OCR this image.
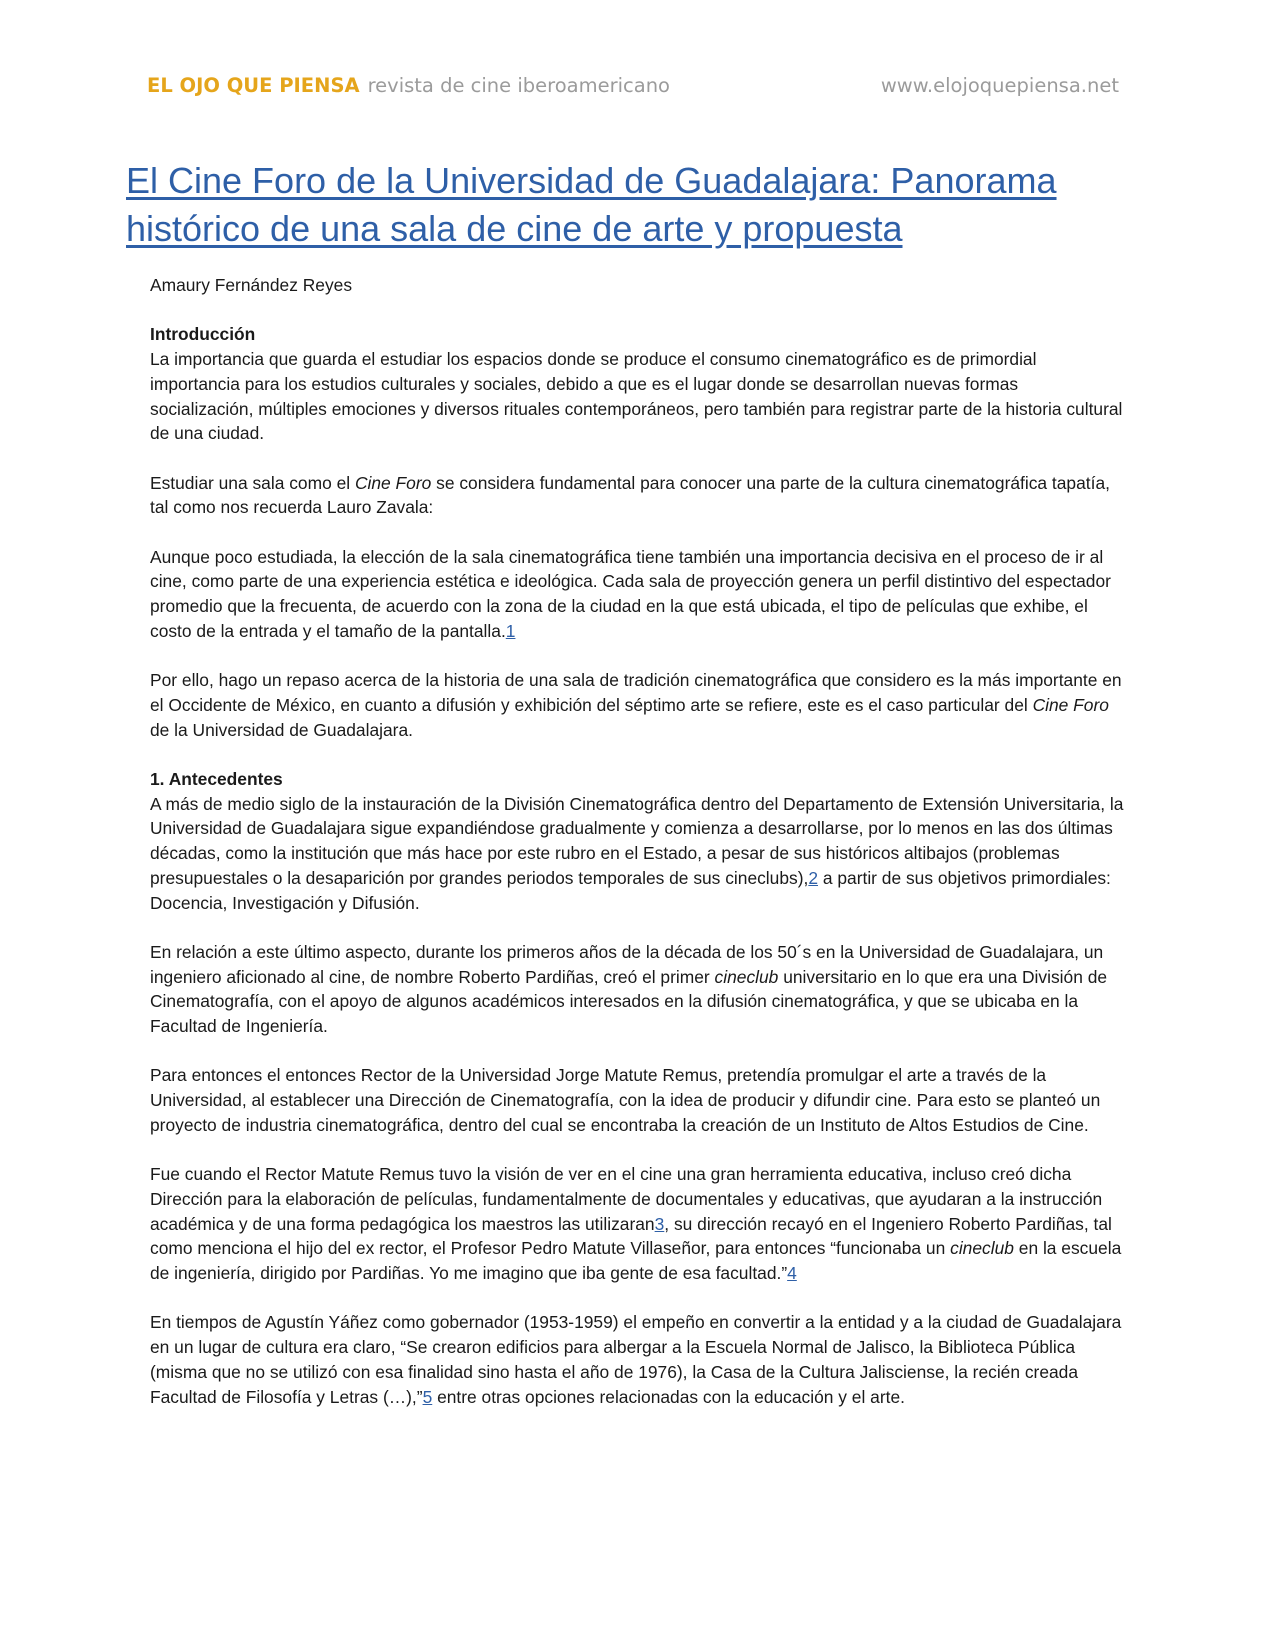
EL OJO QUE PIENSA revista de cine iberoamericano	www.elojoquepiensa.net
El Cine Foro de la Universidad de Guadalajara: Panorama histórico de una sala de cine de arte y propuesta

Amaury Fernández Reyes

Introducción

La importancia que guarda el estudiar los espacios donde se produce el consumo cinematográfico es de primordial importancia para los estudios culturales y sociales, debido a que es el lugar donde se desarrollan nuevas formas socialización, múltiples emociones y diversos rituales contemporáneos, pero también para registrar parte de la historia cultural de una ciudad.

Estudiar una sala como el Cine Foro se considera fundamental para conocer una parte de la cultura cinematográfica tapatía, tal como nos recuerda Lauro Zavala:

Aunque poco estudiada, la elección de la sala cinematográfica tiene también una importancia decisiva en el proceso de ir al cine, como parte de una experiencia estética e ideológica. Cada sala de proyección genera un perfil distintivo del espectador promedio que la frecuenta, de acuerdo con la zona de la ciudad en la que está ubicada, el tipo de películas que exhibe, el costo de la entrada y el tamaño de la pantalla.1

Por ello, hago un repaso acerca de la historia de una sala de tradición cinematográfica que considero es la más importante en el Occidente de México, en cuanto a difusión y exhibición del séptimo arte se refiere, este es el caso particular del Cine Foro de la Universidad de Guadalajara.

1. Antecedentes

A más de medio siglo de la instauración de la División Cinematográfica dentro del Departamento de Extensión Universitaria, la Universidad de Guadalajara sigue expandiéndose gradualmente y comienza a desarrollarse, por lo menos en las dos últimas décadas, como la institución que más hace por este rubro en el Estado, a pesar de sus históricos altibajos (problemas presupuestales o la desaparición por grandes periodos temporales de sus cineclubs),2 a partir de sus objetivos primordiales: Docencia, Investigación y Difusión.

En relación a este último aspecto, durante los primeros años de la década de los 50´s en la Universidad de Guadalajara, un ingeniero aficionado al cine, de nombre Roberto Pardiñas, creó el primer cineclub universitario en lo que era una División de Cinematografía, con el apoyo de algunos académicos interesados en la difusión cinematográfica, y que se ubicaba en la Facultad de Ingeniería.

Para entonces el entonces Rector de la Universidad Jorge Matute Remus, pretendía promulgar el arte a través de la Universidad, al establecer una Dirección de Cinematografía, con la idea de producir y difundir cine. Para esto se planteó un proyecto de industria cinematográfica, dentro del cual se encontraba la creación de un Instituto de Altos Estudios de Cine.

Fue cuando el Rector Matute Remus tuvo la visión de ver en el cine una gran herramienta educativa, incluso creó dicha Dirección para la elaboración de películas, fundamentalmente de documentales y educativas, que ayudaran a la instrucción académica y de una forma pedagógica los maestros las utilizaran3, su dirección recayó en el Ingeniero Roberto Pardiñas, tal como menciona el hijo del ex rector, el Profesor Pedro Matute Villaseñor, para entonces “funcionaba un cineclub en la escuela de ingeniería, dirigido por Pardiñas. Yo me imagino que iba gente de esa facultad.”4

En tiempos de Agustín Yáñez como gobernador (1953-1959) el empeño en convertir a la entidad y a la ciudad de Guadalajara en un lugar de cultura era claro, “Se crearon edificios para albergar a la Escuela Normal de Jalisco, la Biblioteca Pública (misma que no se utilizó con esa finalidad sino hasta el año de 1976), la Casa de la Cultura Jalisciense, la recién creada Facultad de Filosofía y Letras (…),”5 entre otras opciones relacionadas con la educación y el arte.
